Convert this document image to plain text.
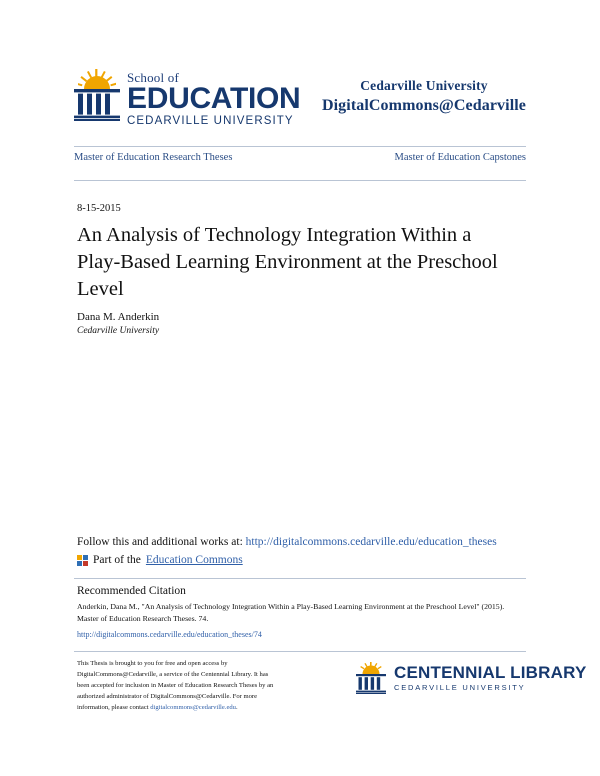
School of
EDUCATION
CEDARVILLE UNIVERSITY
Cedarville University
DigitalCommons@Cedarville
Master of Education Research Theses	Master of Education Capstones
8-15-2015
An Analysis of Technology Integration Within a Play-Based Learning Environment at the Preschool Level
Dana M. Anderkin
Cedarville University
Follow this and additional works at: http://digitalcommons.cedarville.edu/education_theses
Part of the Education Commons
Recommended Citation
Anderkin, Dana M., "An Analysis of Technology Integration Within a Play-Based Learning Environment at the Preschool Level" (2015). Master of Education Research Theses. 74.
http://digitalcommons.cedarville.edu/education_theses/74
This Thesis is brought to you for free and open access by DigitalCommons@Cedarville, a service of the Centennial Library. It has been accepted for inclusion in Master of Education Research Theses by an authorized administrator of DigitalCommons@Cedarville. For more information, please contact digitalcommons@cedarville.edu.
CENTENNIAL LIBRARY
CEDARVILLE UNIVERSITY
